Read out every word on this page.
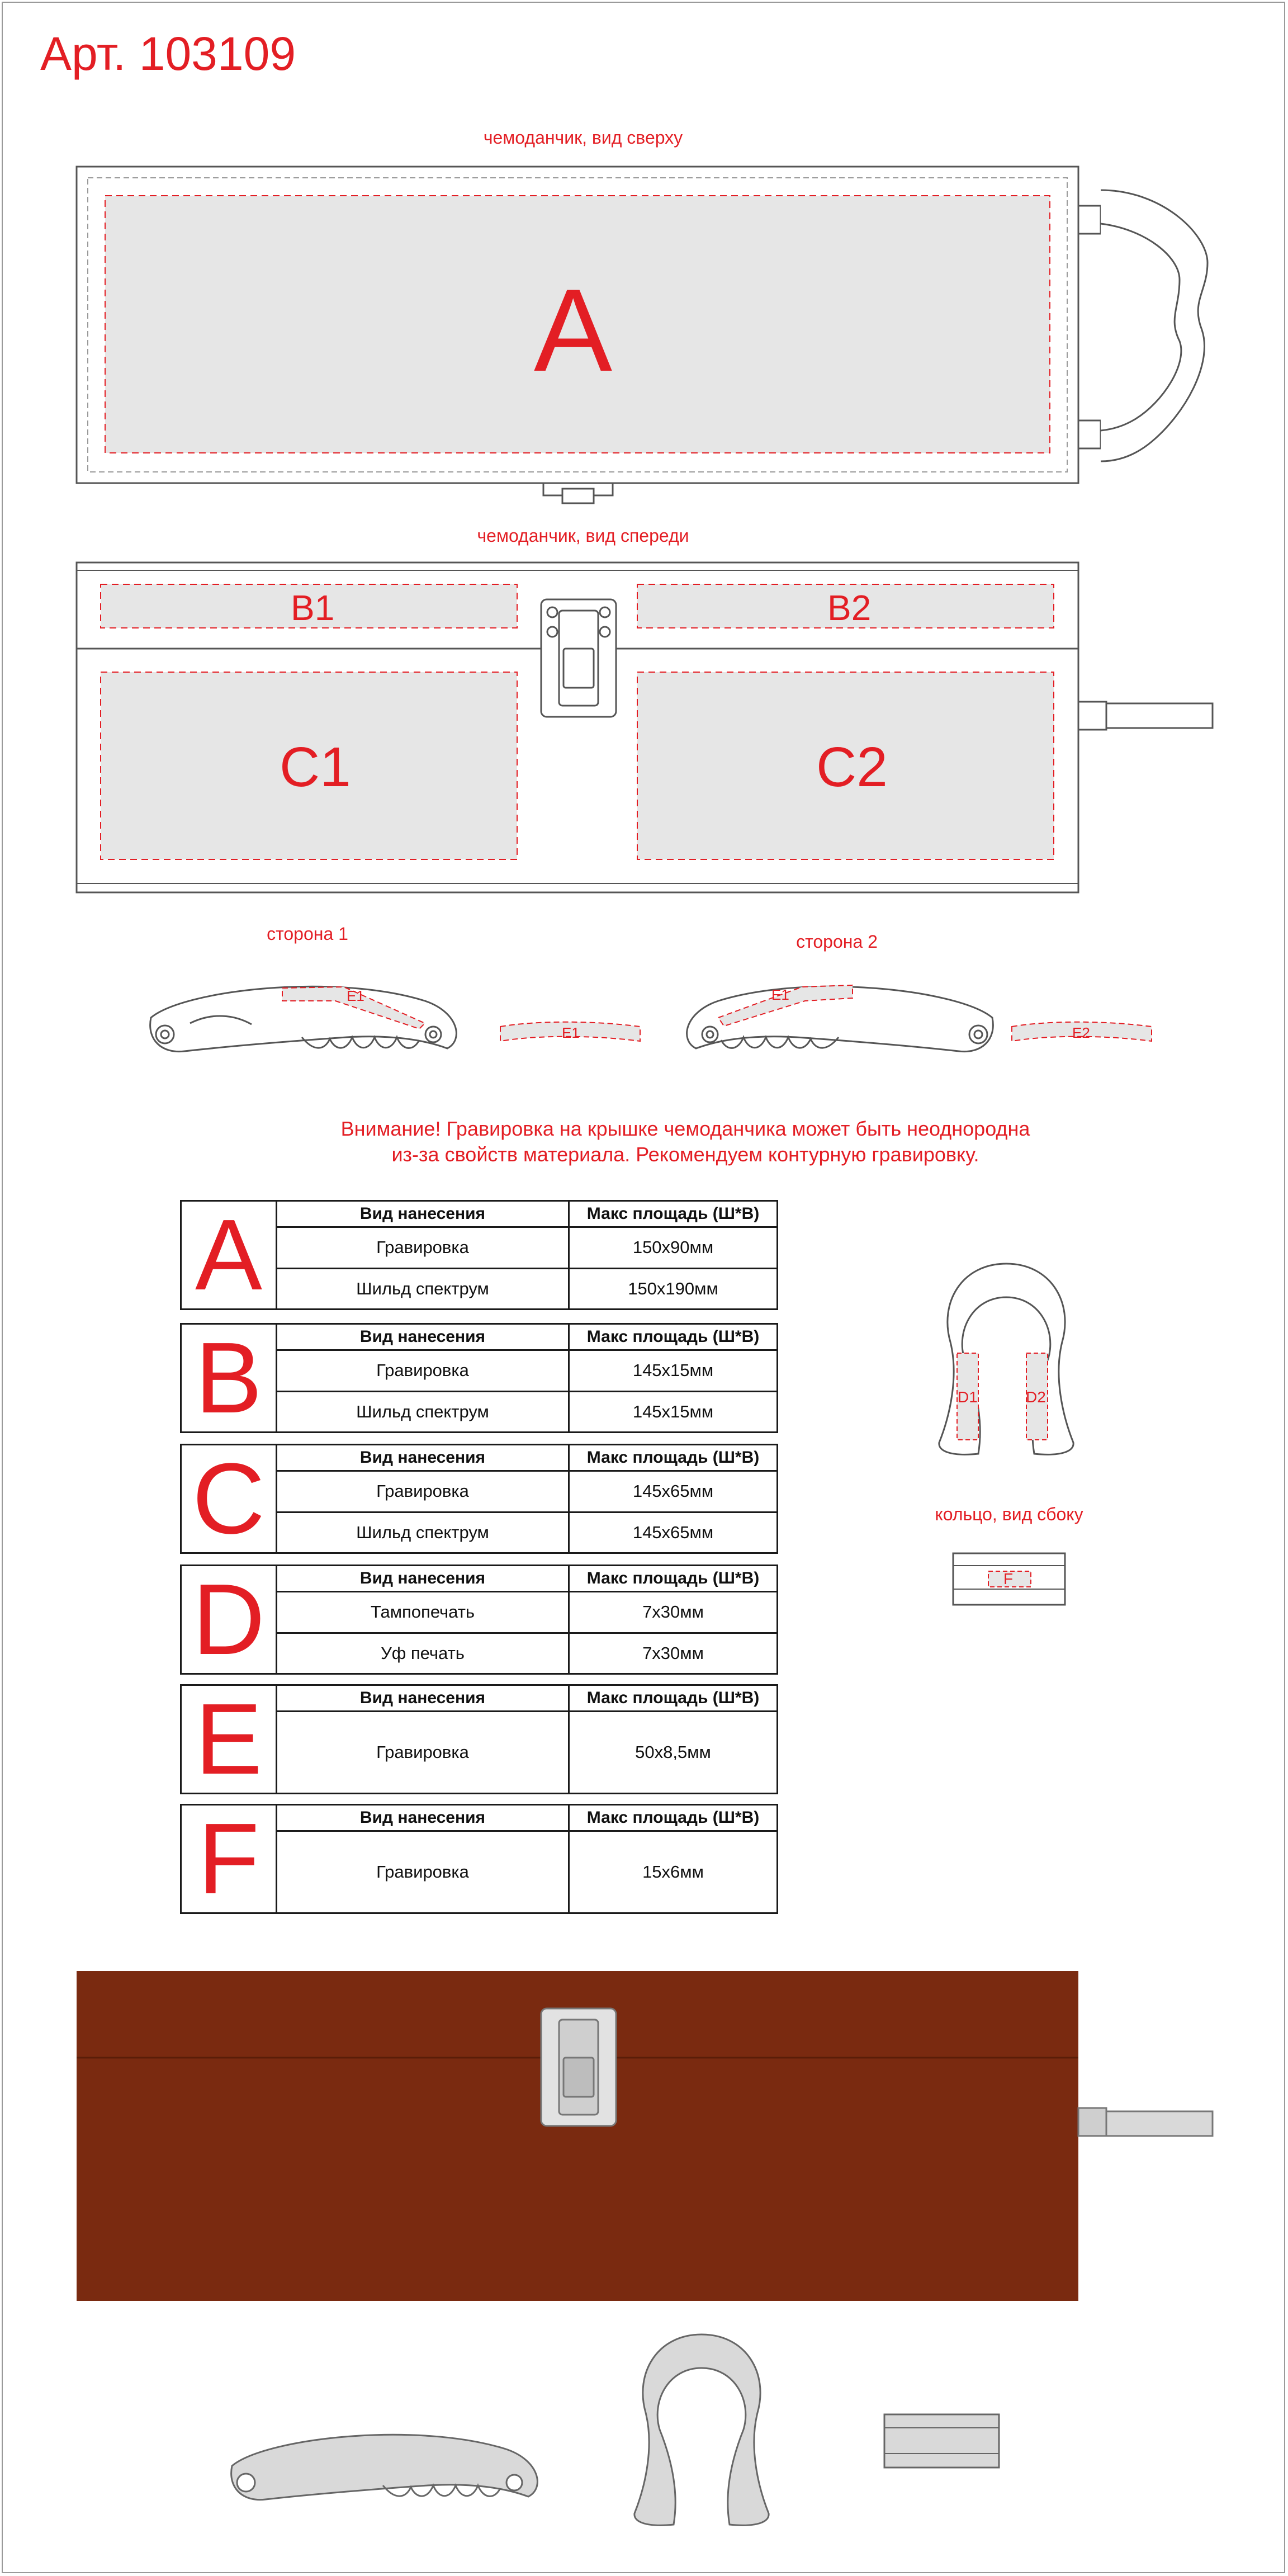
Арт. 103109
чемоданчик, вид сверху
чемоданчик, вид спереди
сторона 1	сторона 2
кольцо, вид сбоку
A
B1	B2
C1	C2
E1
E1
E1
E2
D1	D2
F
Внимание! Гравировка на крышке чемоданчика может быть неоднородна
из-за свойств материала. Рекомендуем контурную гравировку.
A	Вид нанесения	Макс площадь (Ш*В)
Гравировка	150x90мм
Шильд спектрум	150x190мм
B	Вид нанесения	Макс площадь (Ш*В)
Гравировка	145x15мм
Шильд спектрум	145x15мм
C	Вид нанесения	Макс площадь (Ш*В)
Гравировка	145x65мм
Шильд спектрум	145x65мм
D	Вид нанесения	Макс площадь (Ш*В)
Тампопечать	7x30мм
Уф печать	7x30мм
E	Вид нанесения	Макс площадь (Ш*В)
Гравировка	50x8,5мм
F	Вид нанесения	Макс площадь (Ш*В)
Гравировка	15x6мм
